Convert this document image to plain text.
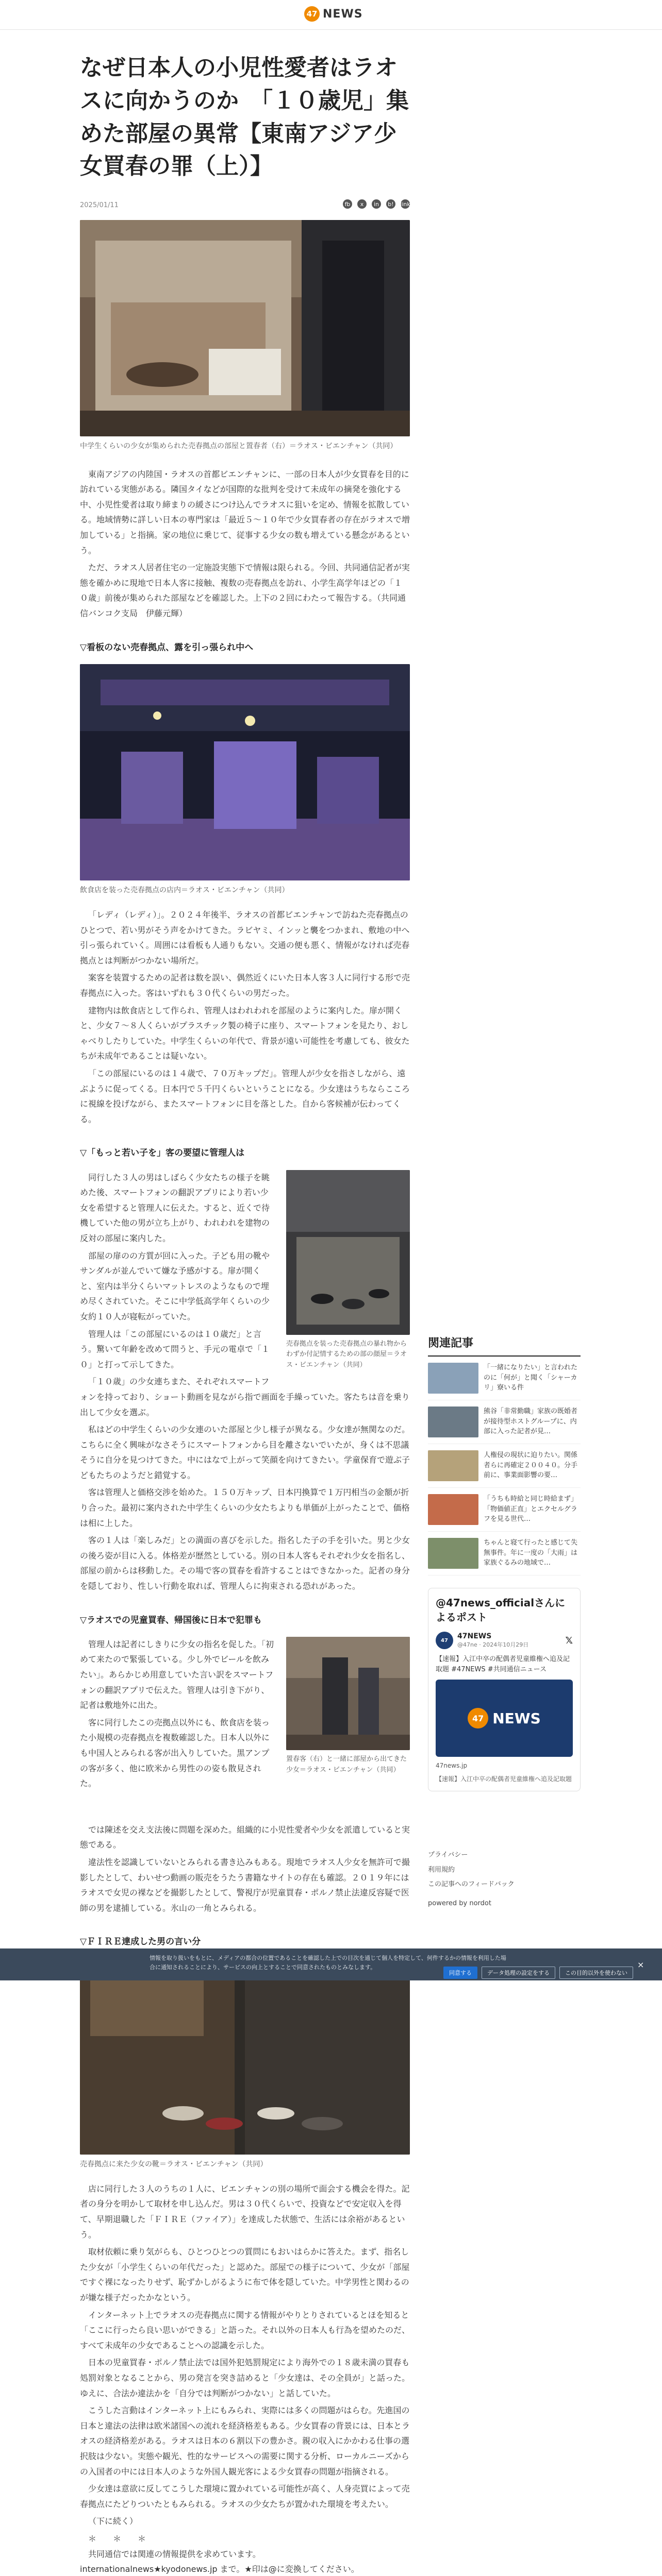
47 NEWS
なぜ日本人の小児性愛者はラオスに向かうのか　「１０歳児」集めた部屋の異常【東南アジア少女買春の罪（上）】
2025/01/11	fb	x	in	b! link
中学生くらいの少女が集められた売春拠点の部屋と置春者（右）＝ラオス・ビエンチャン（共同）

東南アジアの内陸国・ラオスの首都ビエンチャンに、一部の日本人が少女買春を目的に訪れている実態がある。隣国タイなどが国際的な批判を受けて未成年の摘発を強化する中、小児性愛者は取り締まりの緩さにつけ込んでラオスに狙いを定め、情報を拡散している。地域情勢に詳しい日本の専門家は「最近５〜１０年で少女買春者の存在がラオスで増加している」と指摘。家の地位に乗じて、従事する少女の数も増えている懸念があるという。

ただ、ラオス人居者住宅の一定施設実態下で情報は限られる。今回、共同通信記者が実態を確かめに現地で日本人客に接触、複数の売春拠点を訪れ、小学生高学年ほどの「１０歳」前後が集められた部屋などを確認した。上下の２回にわたって報告する。（共同通信バンコク支局　伊藤元輝）

▽看板のない売春拠点、露を引っ張られ中へ
飲食店を装った売春拠点の店内＝ラオス・ビエンチャン（共同）

「レディ（レディ）」。２０２４年後半、ラオスの首都ビエンチャンで訪ねた売春拠点のひとつで、若い男がそう声をかけてきた。ラビヤミ、インッと襲をつかまれ、敷地の中へ引っ張られていく。周囲には看板も人通りもない。交通の便も悪く、情報がなければ売春拠点とは判断がつかない場所だ。

案客を装置するための記者は数を誤い、偶然近くにいた日本人客３人に同行する形で売春拠点に入った。客はいずれも３０代くらいの男だった。

建物内は飲食店として作られ、管理人はわれわれを部屋のように案内した。扉が開くと、少女７〜８人くらいがプラスチック製の椅子に座り、スマートフォンを見たり、おしゃべりしたりしていた。中学生くらいの年代で、背景が遠い可能性を考慮しても、彼女たちが未成年であることは疑いない。

「この部屋にいるのは１４歳で、７０万キップだ」。管理人が少女を指さしながら、遠ぶように促ってくる。日本円で５千円くらいということになる。少女達はうちならこころに視線を投げながら、またスマートフォンに目を落とした。自から客候補が伝わってくる。

▽「もっと若い子を」客の要望に管理人は
売春拠点を装った売春拠点の暴れ物からわずか付記情するための部の顔屋＝ラオス・ビエンチャン（共同）

同行した３人の男はしばらく少女たちの様子を眺めた後、スマートフォンの翻訳アプリにより若い少女を希望すると管理人に伝えた。すると、近くで待機していた他の男が立ち上がり、われわれを建物の反対の部屋に案内した。

部屋の扉のの方質が回に入った。子ども用の靴やサンダルが並んでいて嫌な予感がする。扉が開くと、室内は半分くらいマットレスのようなもので埋め尽くされていた。そこに中学低高学年くらいの少女約１０人が寝転がっていた。

管理人は「この部屋にいるのは１０歳だ」と言う。驚いて年齢を改めて問うと、手元の電卓で「１０」と打って示してきた。

「１０歳」の少女連ちまた、それぞれスマートフォンを持っており、ショート動画を見ながら指で画面を手繰っていた。客たちは音を乗り出して少女を選ぶ。

私はどの中学生くらいの少女連のいた部屋と少し様子が異なる。少女達が無関なのだ。こちらに全く興味がなさそうにスマートフォンから目を離さないでいたが、身くは不思議そうに自分を見つけてきた。中にはなで上がって笑顔を向けてきたい。学童保育で遊ぶ子どもたちのようだと錯覚する。

客は管理人と価格交渉を始めた。１５０万キップ、日本円換算で１万円相当の金額が折り合った。最初に案内された中学生くらいの少女たちよりも単価が上がったことで、価格は相に上した。

客の１人は「楽しみだ」との満面の喜びを示した。指名した子の手を引いた。男と少女の後ろ姿が目に入る。体格差が歴然としている。別の日本人客もそれぞれ少女を指名し、部屋の前からは移動した。その場で客の買春を看許することはできなかった。記者の身分を隠しており、性しい行動を取れば、管理人らに拘束される恐れがあった。

▽ラオスでの児童買春、帰国後に日本で犯罪も
置春客（右）と一緒に部屋から出てきた少女＝ラオス・ビエンチャン（共同）

管理人は記者にしきりに少女の指名を促した。「初めて来たので緊張している。少し外でビールを飲みたい」。あらかじめ用意していた言い訳をスマートフォンの翻訳アプリで伝えた。管理人は引き下がり、記者は敷地外に出た。

客に同行したこの売拠点以外にも、飲食店を装った小規模の売春拠点を複数確認した。日本人以外にも中国人とみられる客が出入りしていた。黒アンプの客が多く、他に欧米から男性のの姿も散見された。

では陳述を交え支法後に問題を深めた。組織的に小児性愛者や少女を派遣していると実態である。

違法性を認識していないとみられる書き込みもある。現地でラオス人少女を無許可で撮影したとして、わいせつ動画の販売をうたう書籍なサイトの存在も確認。２０１９年にはラオスで女児の裸などを撮影したとして、警視庁が児童買春・ポルノ禁止法違反容疑で医師の男を逮捕している。氷山の一角とみられる。

▽ＦＩＲＥ達成した男の言い分
売春拠点に来た少女の靴＝ラオス・ビエンチャン（共同）

店に同行した３人のうちの１人に、ビエンチャンの別の場所で面会する機会を得た。記者の身分を明かして取材を申し込んだ。男は３０代くらいで、投資などで安定収入を得て、早期退職した「ＦＩＲＥ（ファイア）」を達成した状態で、生活には余裕があるという。

取材依頼に乗り気がらも、ひとつひとつの質問にもおいはらかに答えた。まず、指名した少女が「小学生くらいの年代だった」と認めた。部屋での様子について、少女が「部屋ですぐ裸になったりせず、恥ずかしがるように布で体を隠していた。中学男性と関わるのが嫌な様子だったかなという。

インターネット上でラオスの売春拠点に関する情報がやりとりされているとほを知ると「ここに行ったら良い思いができる」と語った。それ以外の日本人も行為を望めたのだ、すべて未成年の少女であることへの認識を示した。

日本の児童買春・ポルノ禁止法では国外犯処罰規定により海外での１８歳未満の買春も処罰対象となることから、男の発言を突き詰めると「少女達は、その全員が」と話った。ゆえに、合法か違法かを「自分では判断がつかない」と話していた。

こうした言動はインターネット上にもみられ、実際には多くの問題がはらむ。先進国の日本と違法の法律は欧米諸国への流れを経済格差もある。少女買春の背景には、日本とラオスの経済格差がある。ラオスは日本の６割以下の豊かさ。親の収入にかかわる仕事の選択肢は少ない。実態や観光、性的なサービスへの需要に関する分析、ローカルニーズからの入国者の中には日本人のような外国人観光客による少女買春の問題が指摘される。

少女達は意欲に反してこうした環境に置かれている可能性が高く、人身売買によって売春拠点にたどりついたともみられる。ラオスの少女たちが置かれた環境を考えたい。

（下に続く）

＊　　＊　　＊
共同通信では関連の情報提供を求めています。
internationalnews★kyodonews.jp まで。★印は@に変換してください。
関連記事
「一緒になりたい」と言われたのに「何が」と聞く「シャーカリ」寮いる件
熊谷「非常勤職」家族の既婚者が接待型ホストグループに、内部に入った記者が見…
人権侵の現状に迫りたい。関係者らに再確定２００４０。分手前に、事業面影響の要…
「うちも時給と同じ時給まず」「物価値正直」とエクセルグラフを見る世代…
ちゃんと寝て行ったと感じて失無事件。年に一度の「大雨」は家族ぐるみの地域で…
@47news_officialさんによるポスト
47	47NEWS
@47ne · 2024年10月29日	𝕏
【速報】入江中卒の配偶者児童維権へ追及記取題 #47NEWS #共同通信ニュース
47 NEWS
47news.jp
【速報】入江中卒の配偶者児童維権へ追及記取題
プライバシー
利用規約
この記事へのフィードバック
powered by nordot
情報を取り扱いをもとに、メディアの都合の位置であることを確認した上での目次を通じて個人を特定して、何件するかの情報を利用した場合に通知されることにより、サービスの向上とすることで同意されたものとみなします。
同意する	データ処理の設定をする	この目的以外を使わない
×
